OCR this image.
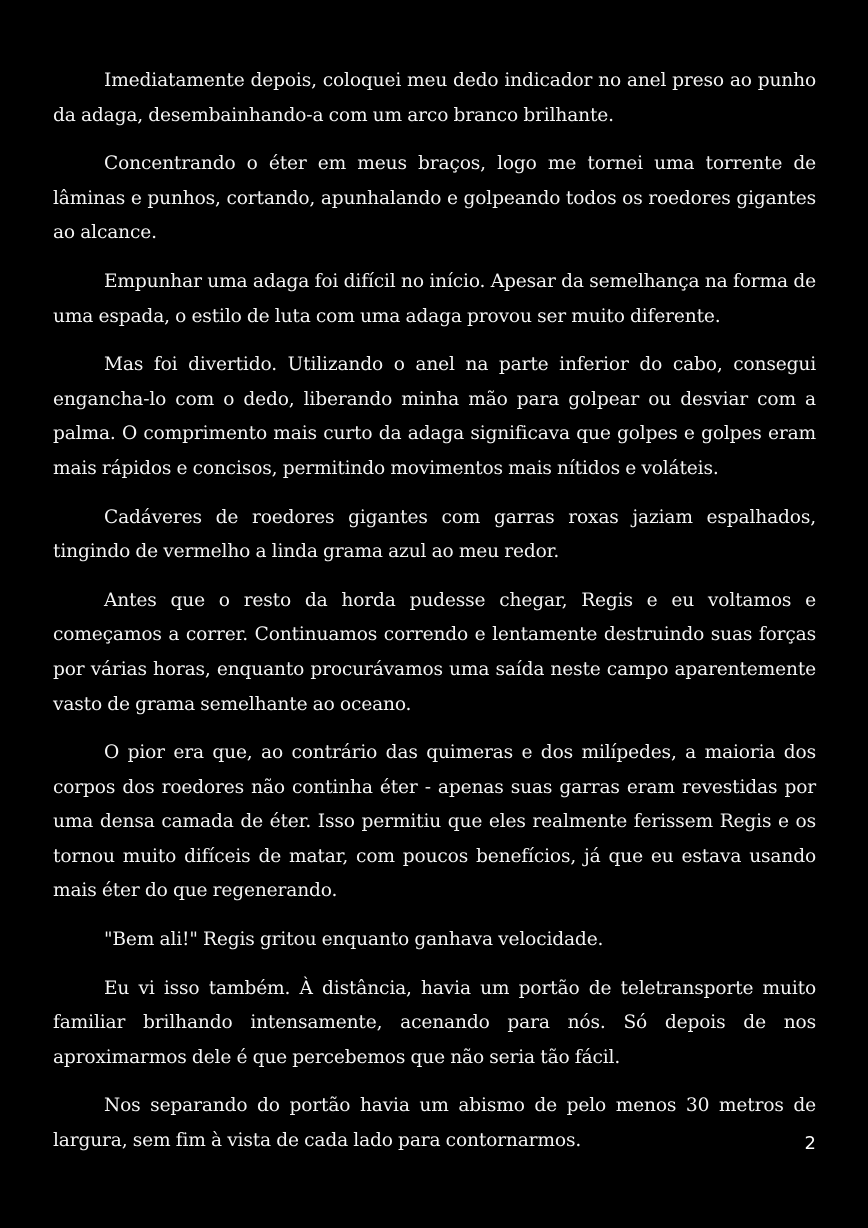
Imediatamente depois, coloquei meu dedo indicador no anel preso ao punho da adaga, desembainhando-a com um arco branco brilhante.

Concentrando o éter em meus braços, logo me tornei uma torrente de lâminas e punhos, cortando, apunhalando e golpeando todos os roedores gigantes ao alcance.

Empunhar uma adaga foi difícil no início. Apesar da semelhança na forma de uma espada, o estilo de luta com uma adaga provou ser muito diferente.

Mas foi divertido. Utilizando o anel na parte inferior do cabo, consegui engancha-lo com o dedo, liberando minha mão para golpear ou desviar com a palma. O comprimento mais curto da adaga significava que golpes e golpes eram mais rápidos e concisos, permitindo movimentos mais nítidos e voláteis.

Cadáveres de roedores gigantes com garras roxas jaziam espalhados, tingindo de vermelho a linda grama azul ao meu redor.

Antes que o resto da horda pudesse chegar, Regis e eu voltamos e começamos a correr. Continuamos correndo e lentamente destruindo suas forças por várias horas, enquanto procurávamos uma saída neste campo aparentemente vasto de grama semelhante ao oceano.

O pior era que, ao contrário das quimeras e dos milípedes, a maioria dos corpos dos roedores não continha éter - apenas suas garras eram revestidas por uma densa camada de éter. Isso permitiu que eles realmente ferissem Regis e os tornou muito difíceis de matar, com poucos benefícios, já que eu estava usando mais éter do que regenerando.

"Bem ali!" Regis gritou enquanto ganhava velocidade.

Eu vi isso também. À distância, havia um portão de teletransporte muito familiar brilhando intensamente, acenando para nós. Só depois de nos aproximarmos dele é que percebemos que não seria tão fácil.

Nos separando do portão havia um abismo de pelo menos 30 metros de largura, sem fim à vista de cada lado para contornarmos.	2
